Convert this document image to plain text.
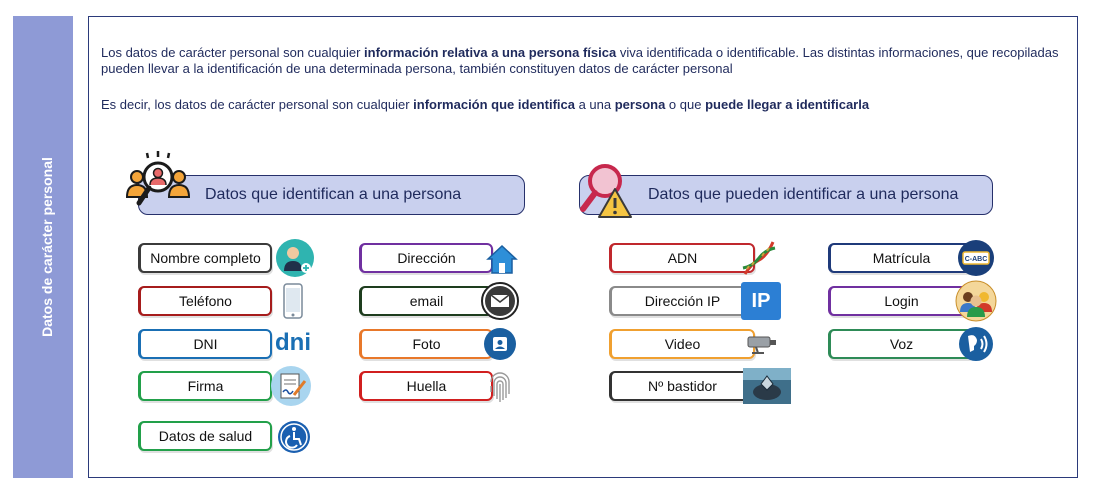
Datos de carácter personal

Los datos de carácter personal son cualquier información relativa a una persona física viva identificada o identificable. Las distintas informaciones, que recopiladas pueden llevar a la identificación de una determinada persona, también constituyen datos de carácter personal

Es decir, los datos de carácter personal son cualquier información que identifica a una persona o que puede llegar a identificarla

Datos que identifican a una persona	Datos que pueden identificar a una persona
Nombre completo
Teléfono
DNI dni
Firma
Datos de salud
Dirección
email
Foto
Huella
ADN
Dirección IP	IP
Video
Nº bastidor
Matrícula	C-ABC
Login
Voz
